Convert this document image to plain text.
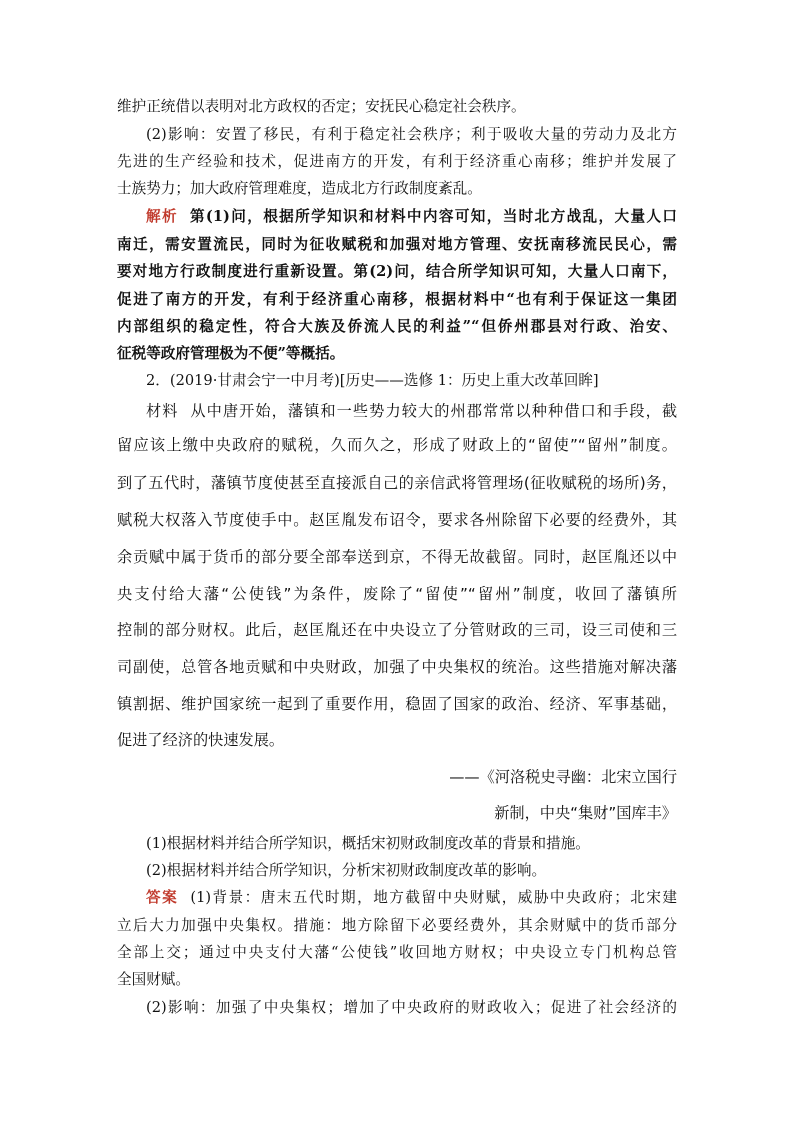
维护正统借以表明对北方政权的否定；安抚民心稳定社会秩序。
(2)影响：安置了移民，有利于稳定社会秩序；利于吸收大量的劳动力及北方
先进的生产经验和技术，促进南方的开发，有利于经济重心南移；维护并发展了
士族势力；加大政府管理难度，造成北方行政制度紊乱。
解析 第(1)问，根据所学知识和材料中内容可知，当时北方战乱，大量人口
南迁，需安置流民，同时为征收赋税和加强对地方管理、安抚南移流民民心，需
要对地方行政制度进行重新设置。第(2)问，结合所学知识可知，大量人口南下，
促进了南方的开发，有利于经济重心南移，根据材料中“也有利于保证这一集团
内部组织的稳定性，符合大族及侨流人民的利益”“但侨州郡县对行政、治安、
征税等政府管理极为不便”等概括。
2．(2019·甘肃会宁一中月考)[历史——选修 1：历史上重大改革回眸]
材料 从中唐开始，藩镇和一些势力较大的州郡常常以种种借口和手段，截
留应该上缴中央政府的赋税，久而久之，形成了财政上的“留使”“留州”制度。
到了五代时，藩镇节度使甚至直接派自己的亲信武将管理场(征收赋税的场所)务，
赋税大权落入节度使手中。赵匡胤发布诏令，要求各州除留下必要的经费外，其
余贡赋中属于货币的部分要全部奉送到京，不得无故截留。同时，赵匡胤还以中
央支付给大藩“公使钱”为条件，废除了“留使”“留州”制度，收回了藩镇所
控制的部分财权。此后，赵匡胤还在中央设立了分管财政的三司，设三司使和三
司副使，总管各地贡赋和中央财政，加强了中央集权的统治。这些措施对解决藩
镇割据、维护国家统一起到了重要作用，稳固了国家的政治、经济、军事基础，
促进了经济的快速发展。
——《河洛税史寻幽：北宋立国行
新制，中央“集财”国库丰》
(1)根据材料并结合所学知识，概括宋初财政制度改革的背景和措施。
(2)根据材料并结合所学知识，分析宋初财政制度改革的影响。
答案 (1)背景：唐末五代时期，地方截留中央财赋，威胁中央政府；北宋建
立后大力加强中央集权。措施：地方除留下必要经费外，其余财赋中的货币部分
全部上交；通过中央支付大藩“公使钱”收回地方财权；中央设立专门机构总管
全国财赋。
(2)影响：加强了中央集权；增加了中央政府的财政收入；促进了社会经济的
